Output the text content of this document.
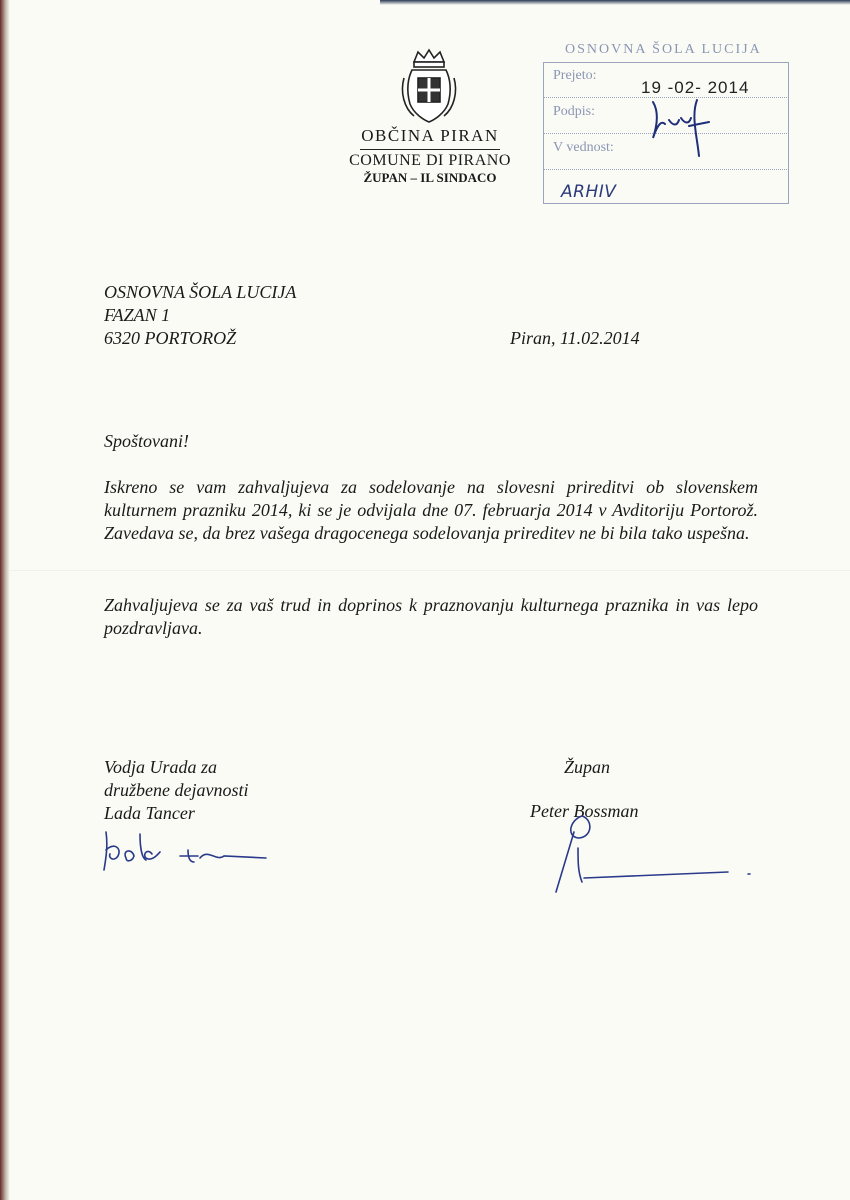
OBČINA PIRAN
COMUNE DI PIRANO
ŽUPAN – IL SINDACO
OSNOVNA ŠOLA LUCIJA
Prejeto:
Podpis:
V vednost:
19 -02- 2014
ARHIV
OSNOVNA ŠOLA LUCIJA
FAZAN 1
6320 PORTOROŽ	Piran, 11.02.2014
Spoštovani!
Iskreno se vam zahvaljujeva za sodelovanje na slovesni prireditvi ob slovenskem kulturnem prazniku 2014, ki se je odvijala dne 07. februarja 2014 v Avditoriju Portorož. Zavedava se, da brez vašega dragocenega sodelovanja prireditev ne bi bila tako uspešna.
Zahvaljujeva se za vaš trud in doprinos k praznovanju kulturnega praznika in vas lepo pozdravljava.
Vodja Urada za
družbene dejavnosti
Lada Tancer
Župan
Peter Bossman
